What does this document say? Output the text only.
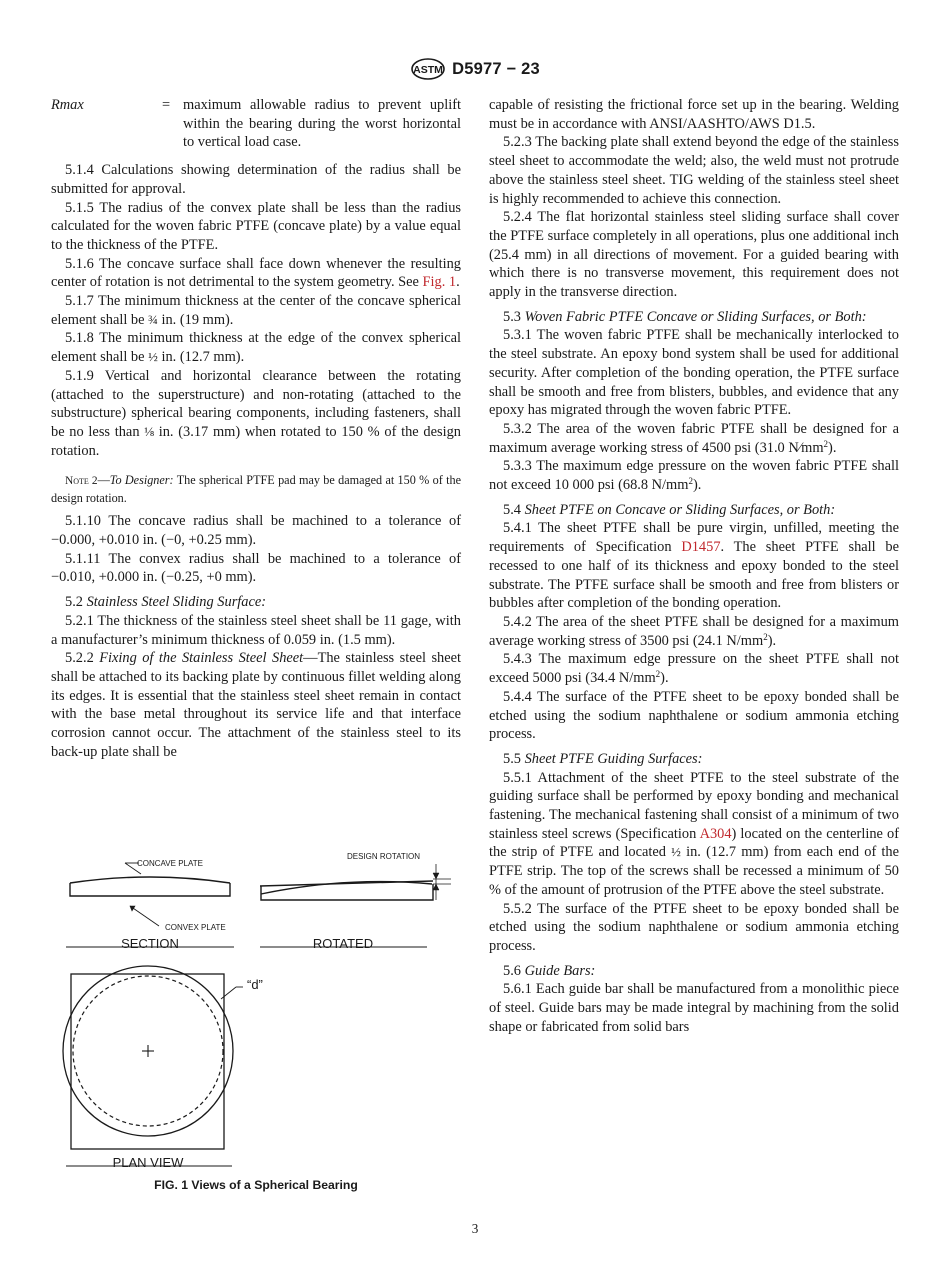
ASTM D5977 − 23
Rmax	= maximum allowable radius to prevent uplift within the bearing during the worst horizontal to vertical load case.

5.1.4 Calculations showing determination of the radius shall be submitted for approval.

5.1.5 The radius of the convex plate shall be less than the radius calculated for the woven fabric PTFE (concave plate) by a value equal to the thickness of the PTFE.

5.1.6 The concave surface shall face down whenever the resulting center of rotation is not detrimental to the system geometry. See Fig. 1.

5.1.7 The minimum thickness at the center of the concave spherical element shall be ¾ in. (19 mm).

5.1.8 The minimum thickness at the edge of the convex spherical element shall be ½ in. (12.7 mm).

5.1.9 Vertical and horizontal clearance between the rotating (attached to the superstructure) and non-rotating (attached to the substructure) spherical bearing components, including fasteners, shall be no less than ⅛ in. (3.17 mm) when rotated to 150 % of the design rotation.

Note 2—To Designer: The spherical PTFE pad may be damaged at 150 % of the design rotation.

5.1.10 The concave radius shall be machined to a tolerance of −0.000, +0.010 in. (−0, +0.25 mm).

5.1.11 The convex radius shall be machined to a tolerance of −0.010, +0.000 in. (−0.25, +0 mm).

5.2 Stainless Steel Sliding Surface:

5.2.1 The thickness of the stainless steel sheet shall be 11 gage, with a manufacturer’s minimum thickness of 0.059 in. (1.5 mm).

5.2.2 Fixing of the Stainless Steel Sheet—The stainless steel sheet shall be attached to its backing plate by continuous fillet welding along its edges. It is essential that the stainless steel sheet remain in contact with the base metal throughout its service life and that interface corrosion cannot occur. The attachment of the stainless steel to its back-up plate shall be

capable of resisting the frictional force set up in the bearing. Welding must be in accordance with ANSI/AASHTO/AWS D1.5.

5.2.3 The backing plate shall extend beyond the edge of the stainless steel sheet to accommodate the weld; also, the weld must not protrude above the stainless steel sheet. TIG welding of the stainless steel sheet is highly recommended to achieve this connection.

5.2.4 The flat horizontal stainless steel sliding surface shall cover the PTFE surface completely in all operations, plus one additional inch (25.4 mm) in all directions of movement. For a guided bearing with which there is no transverse movement, this requirement does not apply in the transverse direction.

5.3 Woven Fabric PTFE Concave or Sliding Surfaces, or Both:

5.3.1 The woven fabric PTFE shall be mechanically interlocked to the steel substrate. An epoxy bond system shall be used for additional security. After completion of the bonding operation, the PTFE surface shall be smooth and free from blisters, bubbles, and evidence that any epoxy has migrated through the woven fabric PTFE.

5.3.2 The area of the woven fabric PTFE shall be designed for a maximum average working stress of 4500 psi (31.0 $N⁄mm^2$).

5.3.3 The maximum edge pressure on the woven fabric PTFE shall not exceed 10 000 psi (68.8 $N/mm^2$).

5.4 Sheet PTFE on Concave or Sliding Surfaces, or Both:

5.4.1 The sheet PTFE shall be pure virgin, unfilled, meeting the requirements of Specification D1457. The sheet PTFE shall be recessed to one half of its thickness and epoxy bonded to the steel substrate. The PTFE surface shall be smooth and free from blisters or bubbles after completion of the bonding operation.

5.4.2 The area of the sheet PTFE shall be designed for a maximum average working stress of 3500 psi (24.1 $N/mm^2$).

5.4.3 The maximum edge pressure on the sheet PTFE shall not exceed 5000 psi (34.4 $N/mm^2$).

5.4.4 The surface of the PTFE sheet to be epoxy bonded shall be etched using the sodium naphthalene or sodium ammonia etching process.

5.5 Sheet PTFE Guiding Surfaces:

5.5.1 Attachment of the sheet PTFE to the steel substrate of the guiding surface shall be performed by epoxy bonding and mechanical fastening. The mechanical fastening shall consist of a minimum of two stainless steel screws (Specification A304) located on the centerline of the strip of PTFE and located ½ in. (12.7 mm) from each end of the PTFE strip. The top of the screws shall be recessed a minimum of 50 % of the amount of protrusion of the PTFE above the steel substrate.

5.5.2 The surface of the PTFE sheet to be epoxy bonded shall be etched using the sodium naphthalene or sodium ammonia etching process.

5.6 Guide Bars:

5.6.1 Each guide bar shall be manufactured from a monolithic piece of steel. Guide bars may be made integral by machining from the solid shape or fabricated from solid bars

CONCAVE PLATE
CONVEX PLATE
SECTION
DESIGN ROTATION
ROTATED
“d”
PLAN VIEW
FIG. 1 Views of a Spherical Bearing
3
